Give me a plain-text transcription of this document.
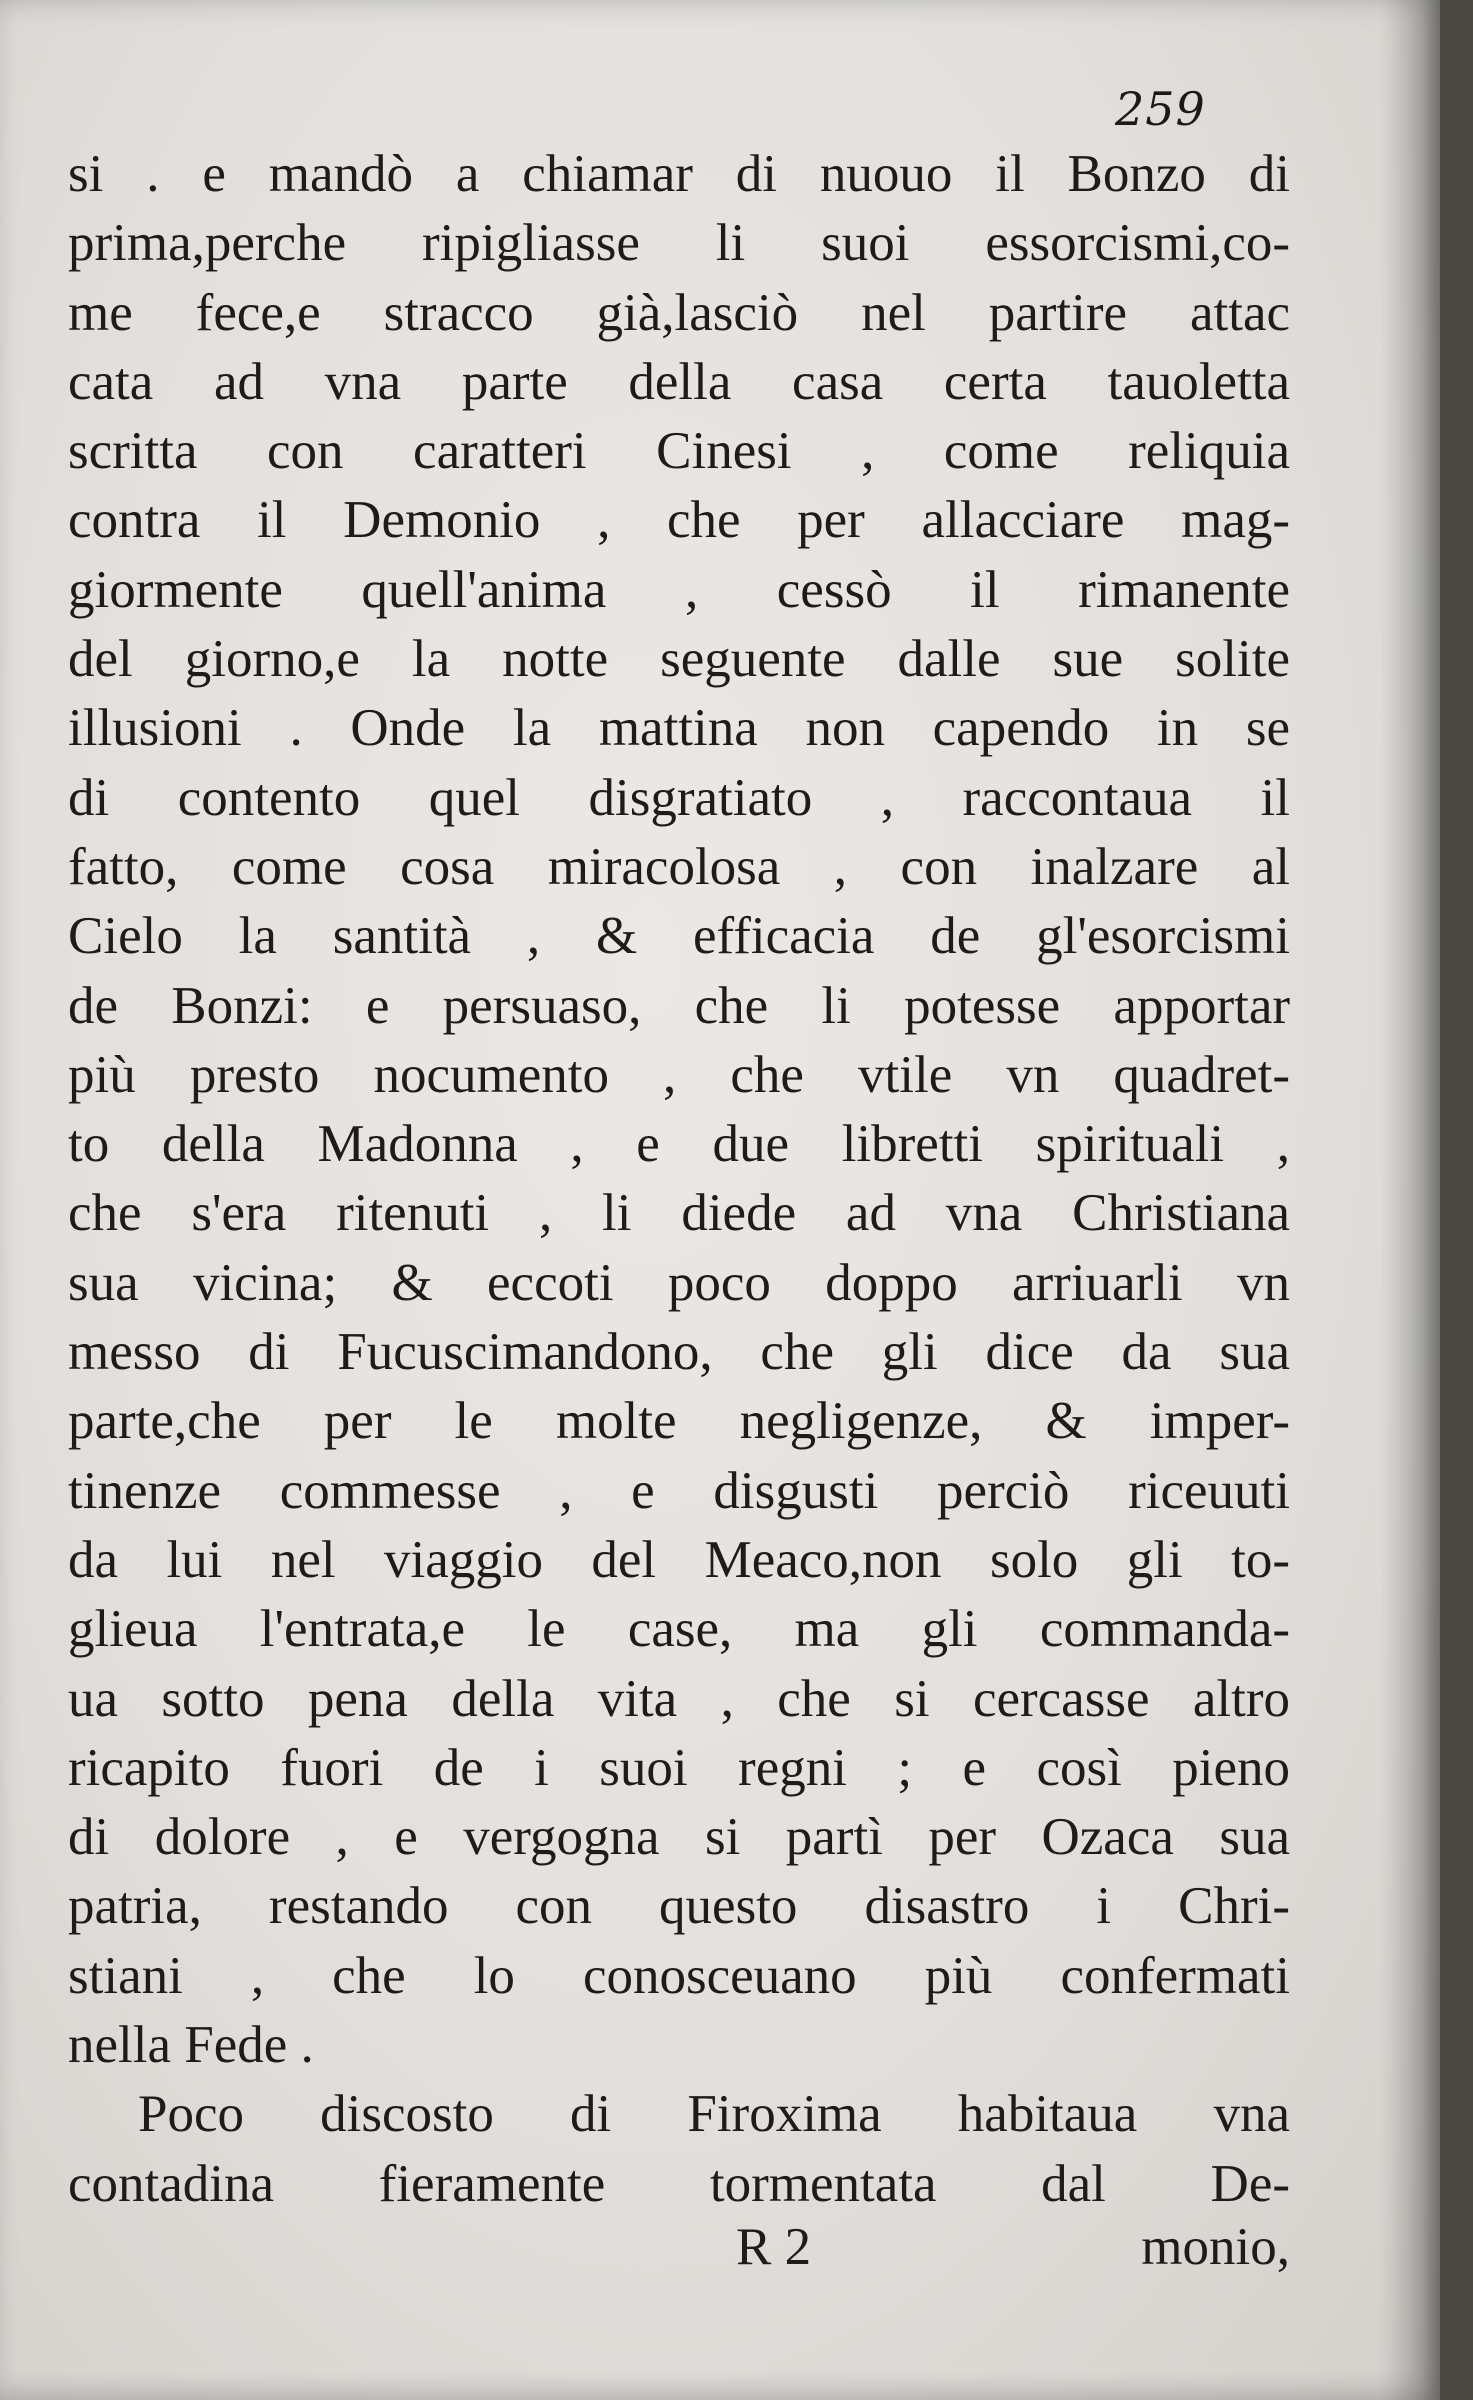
259
si . e mandò a chiamar di nuouo il Bonzo di
prima,perche ripigliasse li suoi essorcismi,co-
me fece,e stracco già,lasciò nel partire attac
cata ad vna parte della casa certa tauoletta
scritta con caratteri Cinesi , come reliquia
contra il Demonio , che per allacciare mag-
giormente quell'anima , cessò il rimanente
del giorno,e la notte seguente dalle sue solite
illusioni . Onde la mattina non capendo in se
di contento quel disgratiato , raccontaua il
fatto, come cosa miracolosa , con inalzare al
Cielo la santità , & efficacia de gl'esorcismi
de Bonzi: e persuaso, che li potesse apportar
più presto nocumento , che vtile vn quadret-
to della Madonna , e due libretti spirituali ,
che s'era ritenuti , li diede ad vna Christiana
sua vicina; & eccoti poco doppo arriuarli vn
messo di Fucuscimandono, che gli dice da sua
parte,che per le molte negligenze, & imper-
tinenze commesse , e disgusti perciò riceuuti
da lui nel viaggio del Meaco,non solo gli to-
glieua l'entrata,e le case, ma gli commanda-
ua sotto pena della vita , che si cercasse altro
ricapito fuori de i suoi regni ; e così pieno
di dolore , e vergogna si partì per Ozaca sua
patria, restando con questo disastro i Chri-
stiani , che lo conosceuano più confermati
nella Fede .
Poco discosto di Firoxima habitaua vna
contadina fieramente tormentata dal De-
R 2	monio,
